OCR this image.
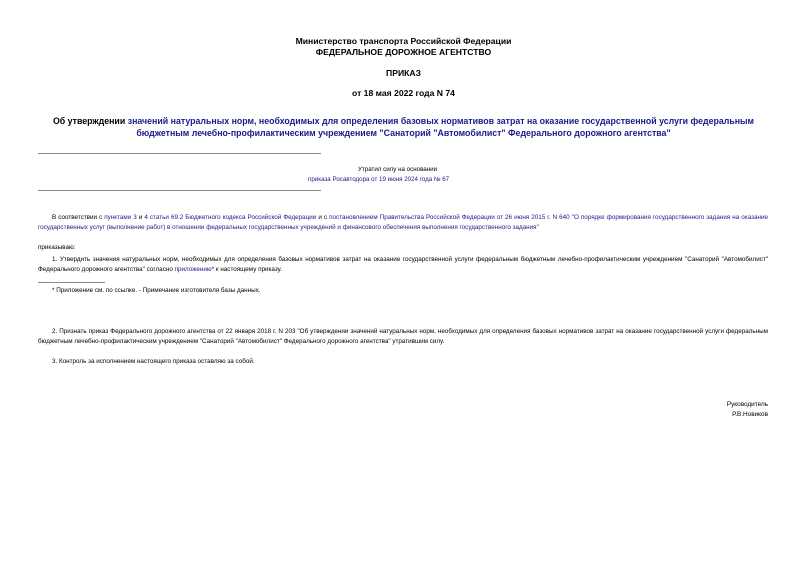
Министерство транспорта Российской Федерации
ФЕДЕРАЛЬНОЕ ДОРОЖНОЕ АГЕНТСТВО
ПРИКАЗ
от 18 мая 2022 года N 74
Об утверждении значений натуральных норм, необходимых для определения базовых нормативов затрат на оказание государственной услуги федеральным бюджетным лечебно-профилактическим учреждением "Санаторий "Автомобилист" Федерального дорожного агентства"
Утратил силу на основании
приказа Росавтодора от 19 июня 2024 года № 67
В соответствии с пунктами 3 и 4 статьи 69.2 Бюджетного кодекса Российской Федерации и с постановлением Правительства Российской Федерации от 26 июня 2015 г. N 640 "О порядке формирования государственного задания на оказание государственных услуг (выполнение работ) в отношении федеральных государственных учреждений и финансового обеспечения выполнения государственного задания"
приказываю:
1. Утвердить значения натуральных норм, необходимых для определения базовых нормативов затрат на оказание государственной услуги федеральным бюджетным лечебно-профилактическим учреждением "Санаторий "Автомобилист" Федерального дорожного агентства" согласно приложению* к настоящему приказу.
* Приложение см. по ссылке. - Примечание изготовителя базы данных.
2. Признать приказ Федерального дорожного агентства от 22 января 2018 г. N 203 "Об утверждении значений натуральных норм, необходимых для определения базовых нормативов затрат на оказание государственной услуги федеральным бюджетным лечебно-профилактическим учреждением "Санаторий "Автомобилист" Федерального дорожного агентства" утратившим силу.
3. Контроль за исполнением настоящего приказа оставляю за собой.
Руководитель
Р.В.Новиков
